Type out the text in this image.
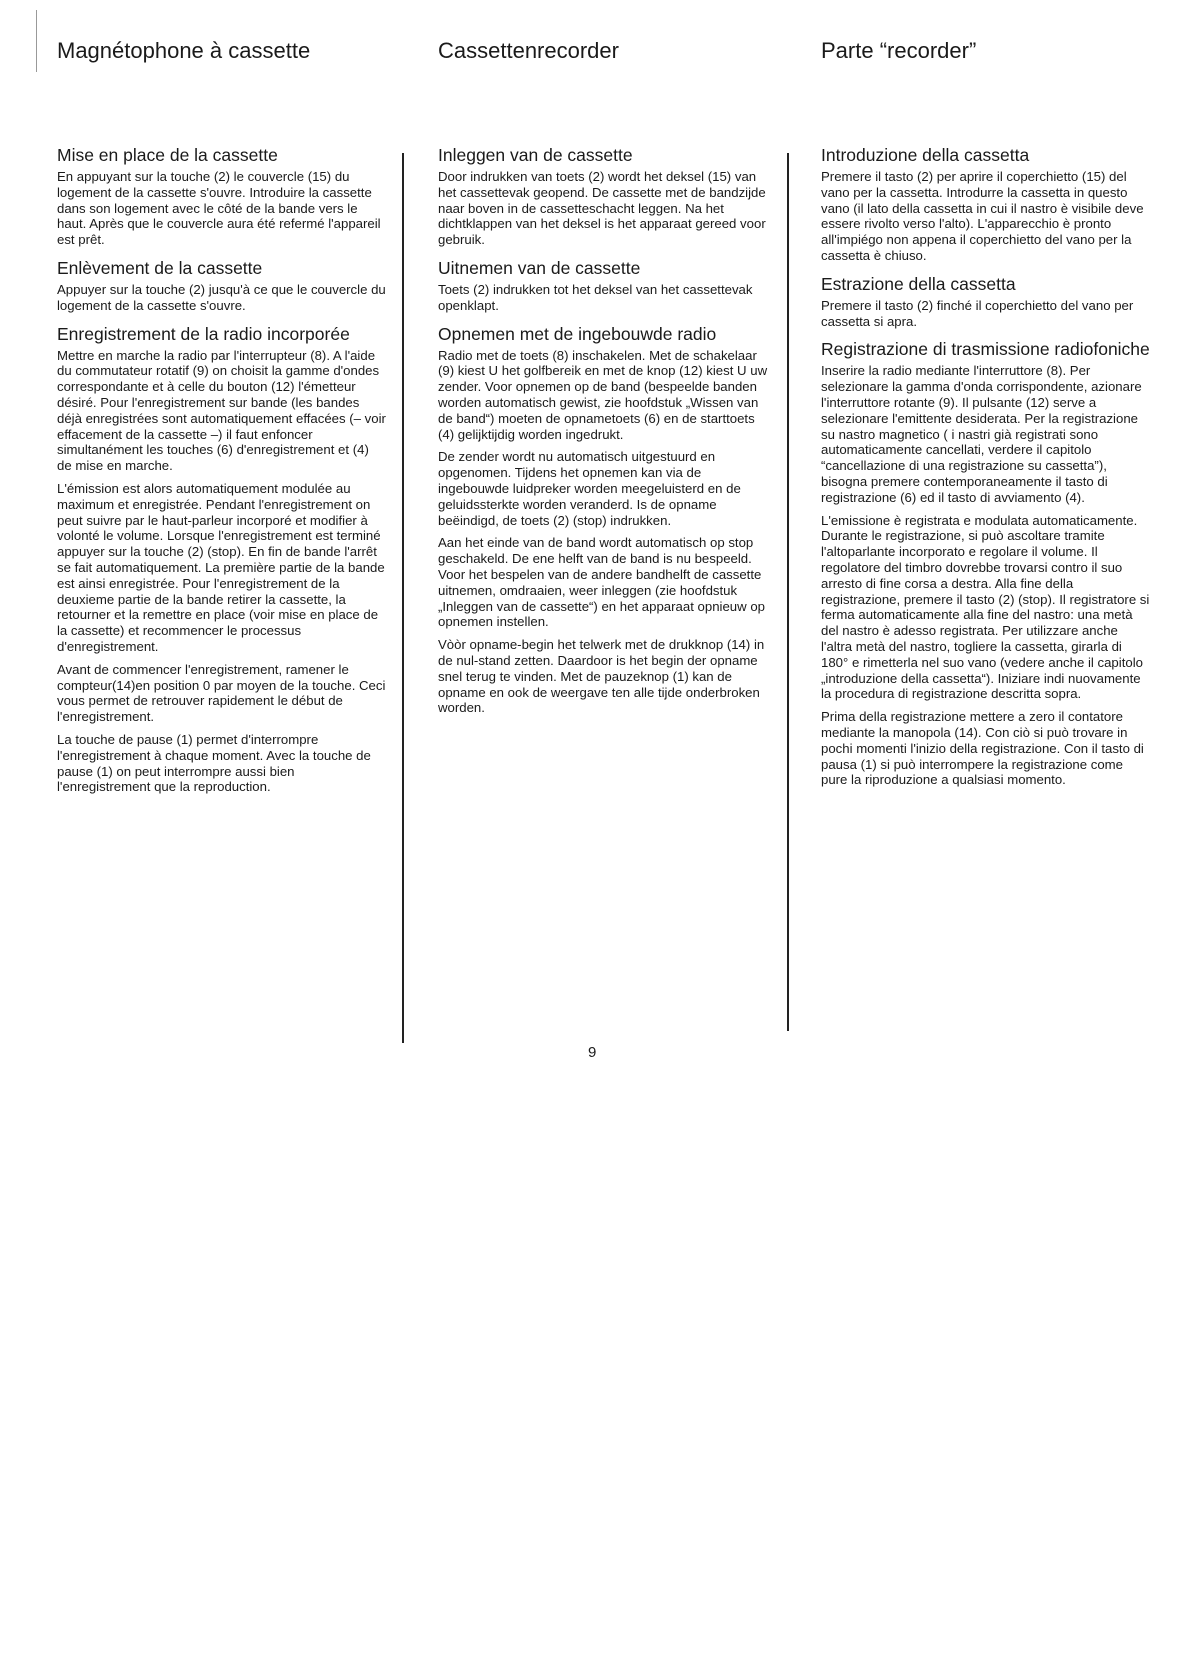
Magnétophone à cassette	Cassettenrecorder	Parte “recorder”
Mise en place de la cassette

En appuyant sur la touche (2) le couvercle (15) du logement de la cassette s'ouvre. Introduire la cassette dans son logement avec le côté de la bande vers le haut. Après que le couvercle aura été refermé l'appareil est prêt.

Enlèvement de la cassette

Appuyer sur la touche (2) jusqu'à ce que le couvercle du logement de la cassette s'ouvre.

Enregistrement de la radio incorporée

Mettre en marche la radio par l'interrupteur (8). A l'aide du commutateur rotatif (9) on choisit la gamme d'ondes correspondante et à celle du bouton (12) l'émetteur désiré. Pour l'enregistrement sur bande (les bandes déjà enregistrées sont automatiquement effacées (– voir effacement de la cassette –) il faut enfoncer simultanément les touches (6) d'enregistrement et (4) de mise en marche.

L'émission est alors automatiquement modulée au maximum et enregistrée. Pendant l'enregistrement on peut suivre par le haut-parleur incorporé et modifier à volonté le volume. Lorsque l'enregistrement est terminé appuyer sur la touche (2) (stop). En fin de bande l'arrêt se fait automatiquement. La première partie de la bande est ainsi enregistrée. Pour l'enregistrement de la deuxieme partie de la bande retirer la cassette, la retourner et la remettre en place (voir mise en place de la cassette) et recommencer le processus d'enregistrement.

Avant de commencer l'enregistrement, ramener le compteur(14)en position 0 par moyen de la touche. Ceci vous permet de retrouver rapidement le début de l'enregistrement.

La touche de pause (1) permet d'interrompre l'enregistrement à chaque moment. Avec la touche de pause (1) on peut interrompre aussi bien l'enregistrement que la reproduction.

Inleggen van de cassette

Door indrukken van toets (2) wordt het deksel (15) van het cassettevak geopend. De cassette met de bandzijde naar boven in de cassetteschacht leggen. Na het dichtklappen van het deksel is het apparaat gereed voor gebruik.

Uitnemen van de cassette

Toets (2) indrukken tot het deksel van het cassettevak openklapt.

Opnemen met de ingebouwde radio

Radio met de toets (8) inschakelen. Met de schakelaar (9) kiest U het golfbereik en met de knop (12) kiest U uw zender. Voor opnemen op de band (bespeelde banden worden automatisch gewist, zie hoofdstuk „Wissen van de band“) moeten de opnametoets (6) en de starttoets (4) gelijktijdig worden ingedrukt.

De zender wordt nu automatisch uitgestuurd en opgenomen. Tijdens het opnemen kan via de ingebouwde luidpreker worden meegeluisterd en de geluidssterkte worden veranderd. Is de opname beëindigd, de toets (2) (stop) indrukken.

Aan het einde van de band wordt automatisch op stop geschakeld. De ene helft van de band is nu bespeeld. Voor het bespelen van de andere bandhelft de cassette uitnemen, omdraaien, weer inleggen (zie hoofdstuk „Inleggen van de cassette“) en het apparaat opnieuw op opnemen instellen.

Vòòr opname-begin het telwerk met de drukknop (14) in de nul-stand zetten. Daardoor is het begin der opname snel terug te vinden. Met de pauzeknop (1) kan de opname en ook de weergave ten alle tijde onderbroken worden.

Introduzione della cassetta

Premere il tasto (2) per aprire il coperchietto (15) del vano per la cassetta. Introdurre la cassetta in questo vano (il lato della cassetta in cui il nastro è visibile deve essere rivolto verso l'alto). L'apparecchio è pronto all'impiégo non appena il coperchietto del vano per la cassetta è chiuso.

Estrazione della cassetta

Premere il tasto (2) finché il coperchietto del vano per cassetta si apra.

Registrazione di trasmissione radiofoniche

Inserire la radio mediante l'interruttore (8). Per selezionare la gamma d'onda corrispondente, azionare l'interruttore rotante (9). Il pulsante (12) serve a selezionare l'emittente desiderata. Per la registrazione su nastro magnetico ( i nastri già registrati sono automaticamente cancellati, verdere il capitolo “cancellazione di una registrazione su cassetta”), bisogna premere contemporaneamente il tasto di registrazione (6) ed il tasto di avviamento (4).

L'emissione è registrata e modulata automaticamente. Durante le registrazione, si può ascoltare tramite l'altoparlante incorporato e regolare il volume. Il regolatore del timbro dovrebbe trovarsi contro il suo arresto di fine corsa a destra. Alla fine della registrazione, premere il tasto (2) (stop). Il registratore si ferma automaticamente alla fine del nastro: una metà del nastro è adesso registrata. Per utilizzare anche l'altra metà del nastro, togliere la cassetta, girarla di 180° e rimetterla nel suo vano (vedere anche il capitolo „introduzione della cassetta“). Iniziare indi nuovamente la procedura di registrazione descritta sopra.

Prima della registrazione mettere a zero il contatore mediante la manopola (14). Con ciò si può trovare in pochi momenti l'inizio della registrazione. Con il tasto di pausa (1) si può interrompere la registrazione come pure la riproduzione a qualsiasi momento.

9
